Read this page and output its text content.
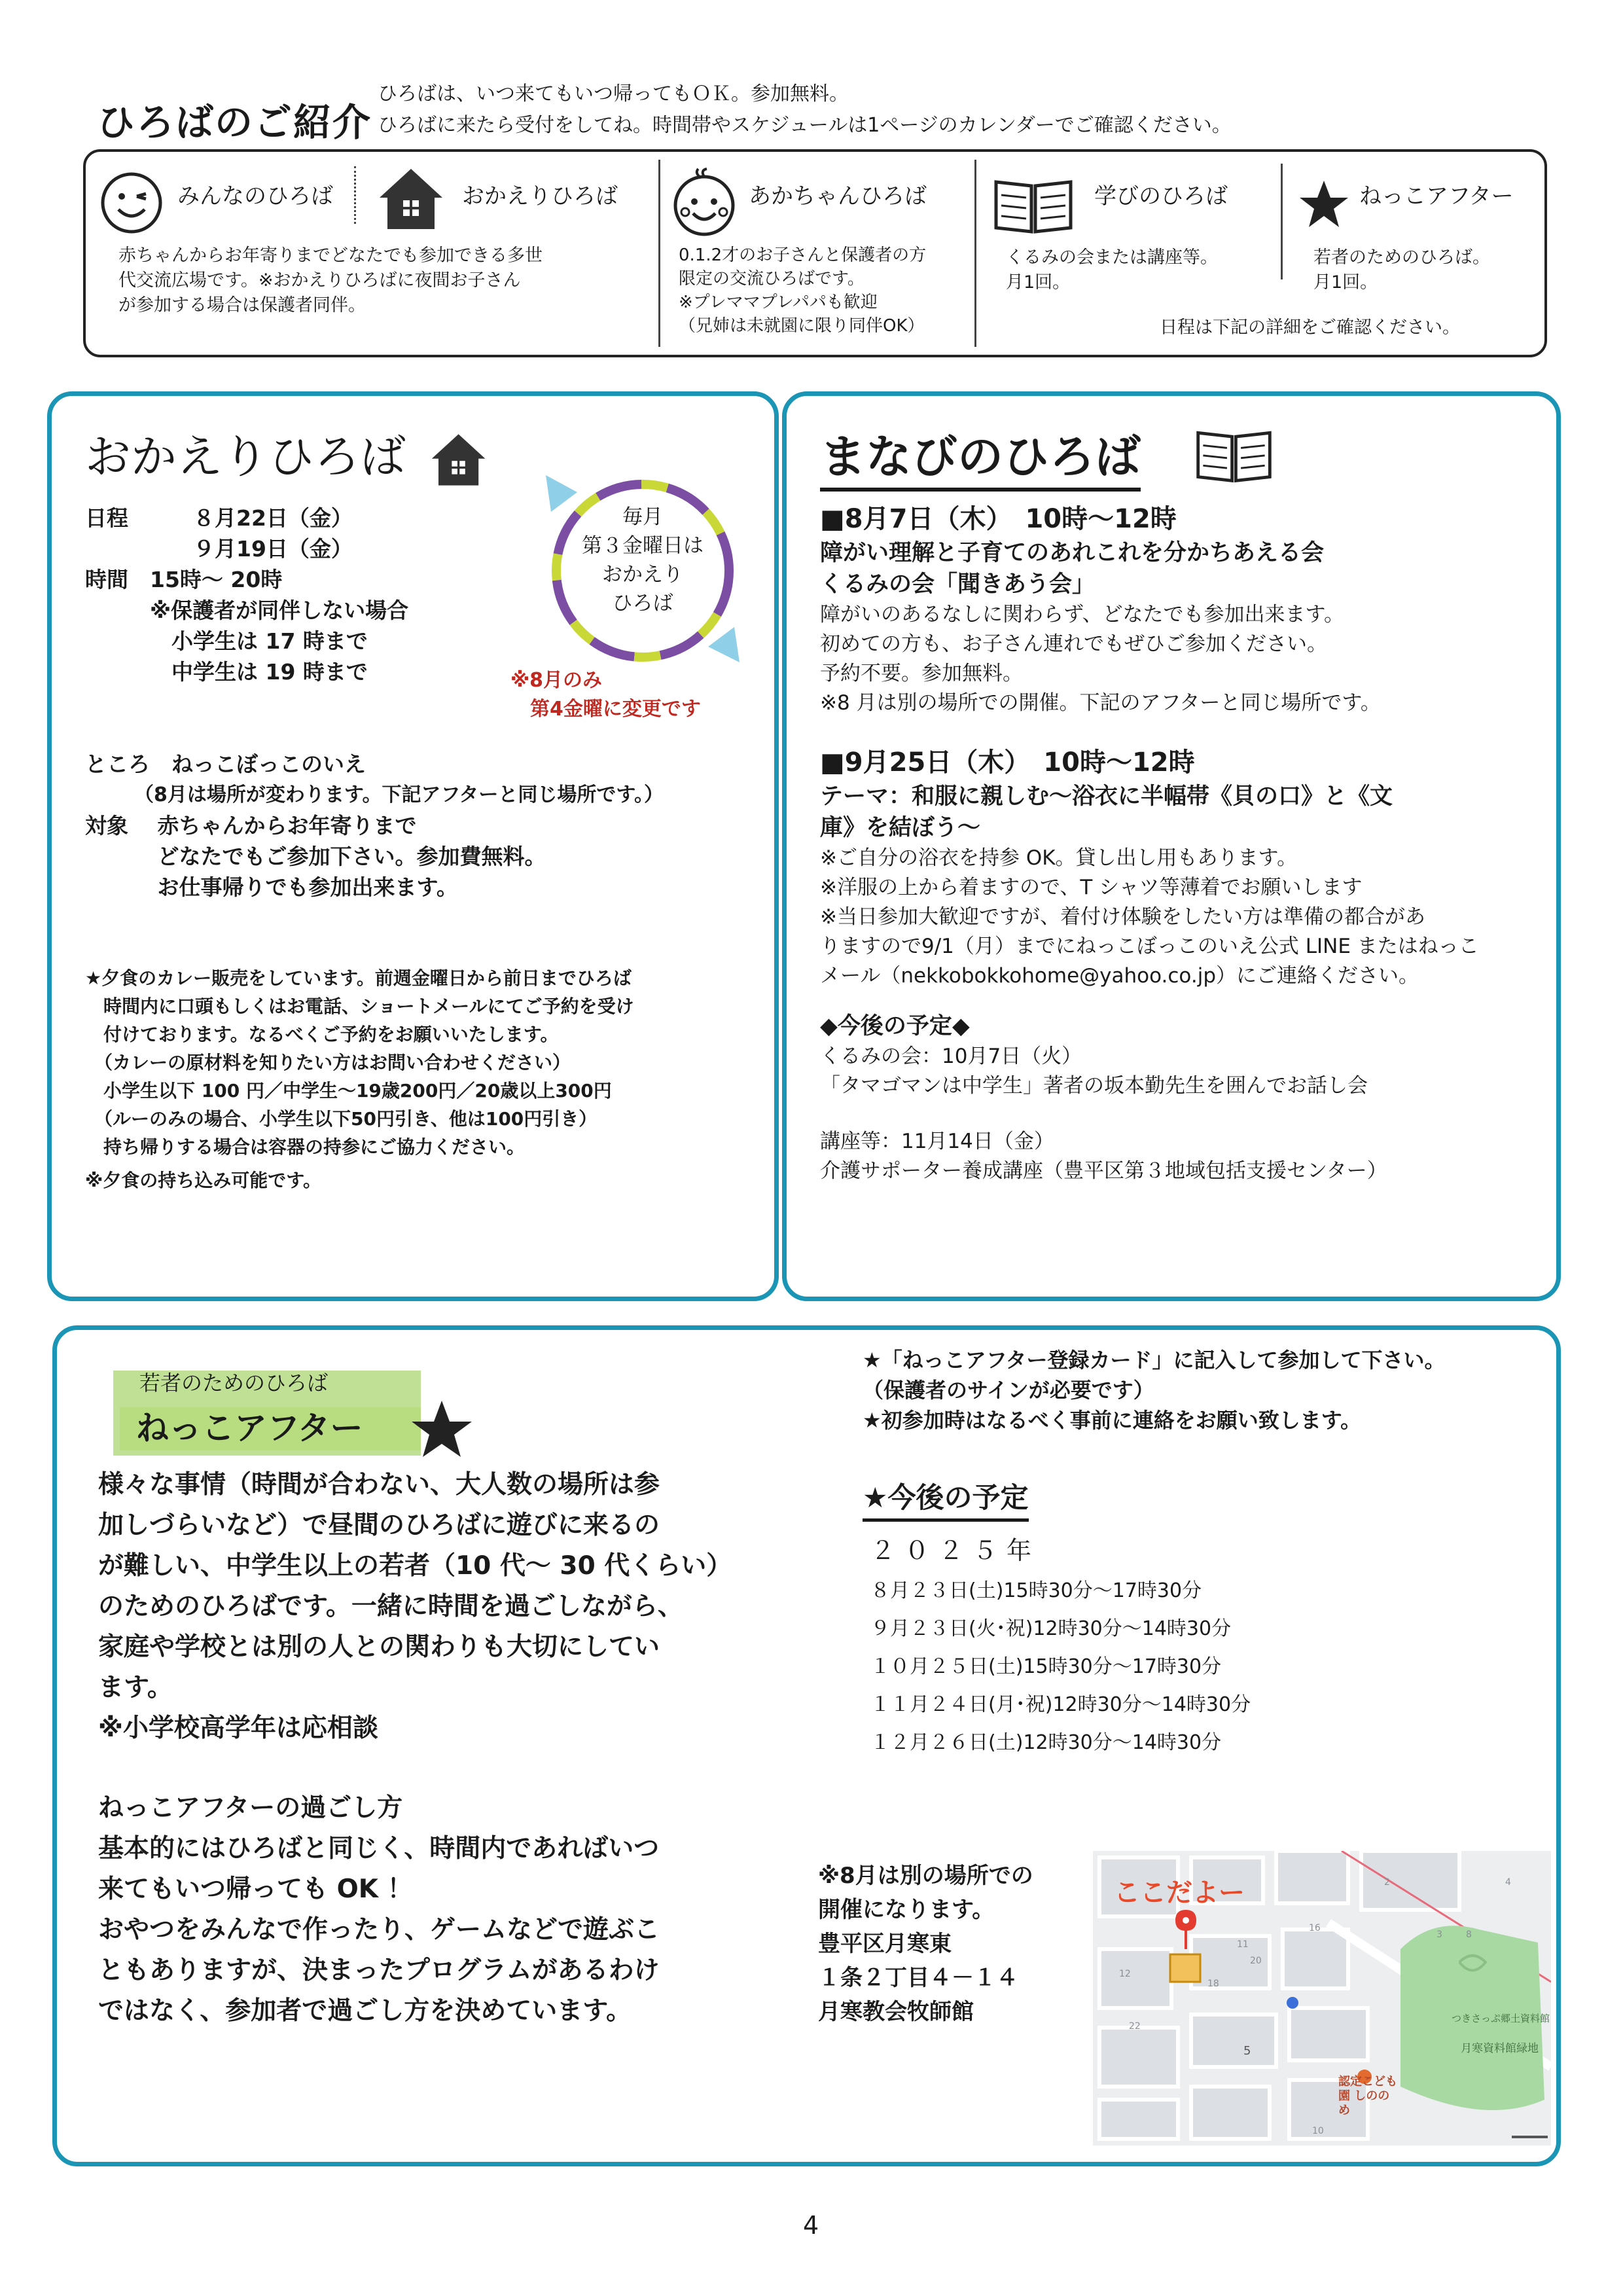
ひろばのご紹介
ひろばは、いつ来てもいつ帰ってもＯＫ。参加無料。
ひろばに来たら受付をしてね。時間帯やスケジュールは1ページのカレンダーでご確認ください。
みんなのひろば	おかえりひろば
赤ちゃんからお年寄りまでどなたでも参加できる多世
代交流広場です。※おかえりひろばに夜間お子さん
が参加する場合は保護者同伴。
あかちゃんひろば
0.1.2才のお子さんと保護者の方
限定の交流ひろばです。
※プレママプレパパも歓迎
（兄姉は未就園に限り同伴OK）
学びのひろば
くるみの会または講座等。
月1回。
ねっこアフター
若者のためのひろば。
月1回。
日程は下記の詳細をご確認ください。
おかえりひろば
毎月
第３金曜日は
おかえり
ひろば
日程　　　８月22日（金）
　　　　　９月19日（金）
時間　15時～ 20時
　　　※保護者が同伴しない場合
　　　　小学生は 17 時まで
　　　　中学生は 19 時まで
ところ　ねっこぼっこのいえ
　　　（8月は場所が変わります。下記アフターと同じ場所です。）
対象　 赤ちゃんからお年寄りまで
　　　 どなたでもご参加下さい。参加費無料。
　　　 お仕事帰りでも参加出来ます。
※8月のみ
　第4金曜に変更です
★夕食のカレー販売をしています。前週金曜日から前日までひろば
　時間内に口頭もしくはお電話、ショートメールにてご予約を受け
　付けております。なるべくご予約をお願いいたします。
　（カレーの原材料を知りたい方はお問い合わせください）
　小学生以下 100 円／中学生～19歳200円／20歳以上300円
　（ルーのみの場合、小学生以下50円引き、他は100円引き）
　持ち帰りする場合は容器の持参にご協力ください。
※夕食の持ち込み可能です。
まなびのひろば
■8月7日（木）　10時～12時
障がい理解と子育てのあれこれを分かちあえる会
くるみの会「聞きあう会」
障がいのあるなしに関わらず、どなたでも参加出来ます。
初めての方も、お子さん連れでもぜひご参加ください。
予約不要。参加無料。
※8 月は別の場所での開催。下記のアフターと同じ場所です。
■9月25日（木）　10時～12時
テーマ：和服に親しむ～浴衣に半幅帯《貝の口》と《文
庫》を結ぼう～
※ご自分の浴衣を持参 OK。貸し出し用もあります。
※洋服の上から着ますので、T シャツ等薄着でお願いします
※当日参加大歓迎ですが、着付け体験をしたい方は準備の都合があ
りますので9/1（月）までにねっこぼっこのいえ公式 LINE またはねっこ
メール（nekkobokkohome@yahoo.co.jp）にご連絡ください。
◆今後の予定◆
くるみの会：10月7日（火）
「タマゴマンは中学生」著者の坂本勤先生を囲んでお話し会
講座等：11月14日（金）
介護サポーター養成講座（豊平区第３地域包括支援センター）
若者のためのひろば
ねっこアフター
様々な事情（時間が合わない、大人数の場所は参
加しづらいなど）で昼間のひろばに遊びに来るの
が難しい、中学生以上の若者（10 代～ 30 代くらい）
のためのひろばです。一緒に時間を過ごしながら、
家庭や学校とは別の人との関わりも大切にしてい
ます。
※小学校高学年は応相談
ねっこアフターの過ごし方
基本的にはひろばと同じく、時間内であればいつ
来てもいつ帰っても OK ！
おやつをみんなで作ったり、ゲームなどで遊ぶこ
ともありますが、決まったプログラムがあるわけ
ではなく、参加者で過ごし方を決めています。
★「ねっこアフター登録カード」に記入して参加して下さい。
（保護者のサインが必要です）
★初参加時はなるべく事前に連絡をお願い致します。
★今後の予定
２０２５年
８月２３日(土)15時30分～17時30分
９月２３日(火･祝)12時30分～14時30分
１０月２５日(土)15時30分～17時30分
１１月２４日(月･祝)12時30分～14時30分
１２月２６日(土)12時30分～14時30分
※8月は別の場所での
開催になります。
豊平区月寒東
１条２丁目４－１４
月寒教会牧師館
ここだよー
つきさっぷ郷土資料館
月寒資料館緑地
認定こども園 しののめ
2
3
4
5
8
10
11
12
16
18
20
22
4
